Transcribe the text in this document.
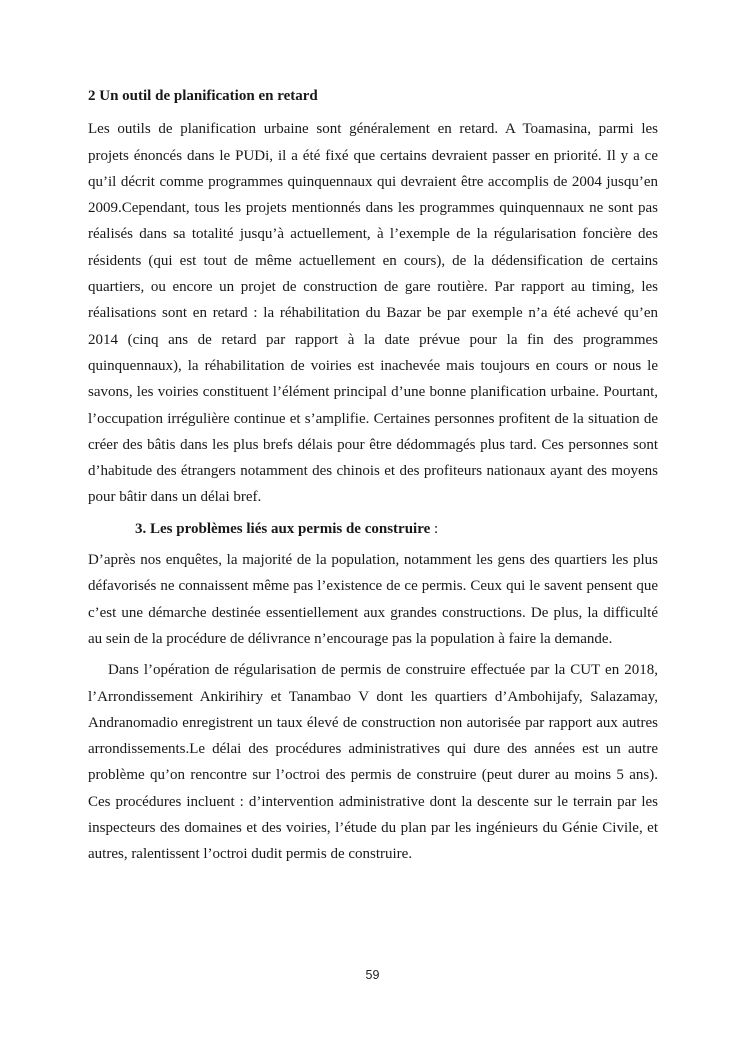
2 Un outil de planification en retard
Les outils de planification urbaine sont généralement en retard. A Toamasina, parmi les
projets énoncés dans le PUDi, il a été fixé que certains devraient passer en priorité. Il y a ce
qu’il décrit comme programmes quinquennaux qui devraient être accomplis de 2004 jusqu’en
2009.Cependant, tous les projets mentionnés dans les programmes quinquennaux ne sont pas
réalisés dans sa totalité jusqu’à actuellement, à l’exemple de la régularisation foncière des
résidents (qui est tout de même actuellement en cours), de la dédensification de certains
quartiers, ou encore un projet de construction de gare routière. Par rapport au timing, les
réalisations sont en retard : la réhabilitation du Bazar be par exemple n’a été achevé qu’en
2014 (cinq ans de retard par rapport à la date prévue pour la fin des programmes
quinquennaux), la réhabilitation de voiries est inachevée mais toujours en cours or nous le
savons, les voiries constituent l’élément principal d’une bonne planification urbaine. Pourtant,
l’occupation irrégulière continue et s’amplifie. Certaines personnes profitent de la situation de
créer des bâtis dans les plus brefs délais pour être dédommagés plus tard. Ces personnes sont
d’habitude des étrangers notamment des chinois et des profiteurs nationaux ayant des moyens
pour bâtir dans un délai bref.
3. Les problèmes liés aux permis de construire :
D’après nos enquêtes, la majorité de la population, notamment les gens des quartiers les plus
défavorisés ne connaissent même pas l’existence de ce permis. Ceux qui le savent pensent que
c’est une démarche destinée essentiellement aux grandes constructions. De plus, la difficulté
au sein de la procédure de délivrance n’encourage pas la population à faire la demande.
Dans l’opération de régularisation de permis de construire effectuée par la CUT en 2018,
l’Arrondissement Ankirihiry et Tanambao V dont les quartiers d’Ambohijafy, Salazamay,
Andranomadio enregistrent un taux élevé de construction non autorisée par rapport aux autres
arrondissements.Le délai des procédures administratives qui dure des années est un autre
problème qu’on rencontre sur l’octroi des permis de construire (peut durer au moins 5 ans).
Ces procédures incluent : d’intervention administrative dont la descente sur le terrain par les
inspecteurs des domaines et des voiries, l’étude du plan par les ingénieurs du Génie Civile, et
autres, ralentissent l’octroi dudit permis de construire.
59
